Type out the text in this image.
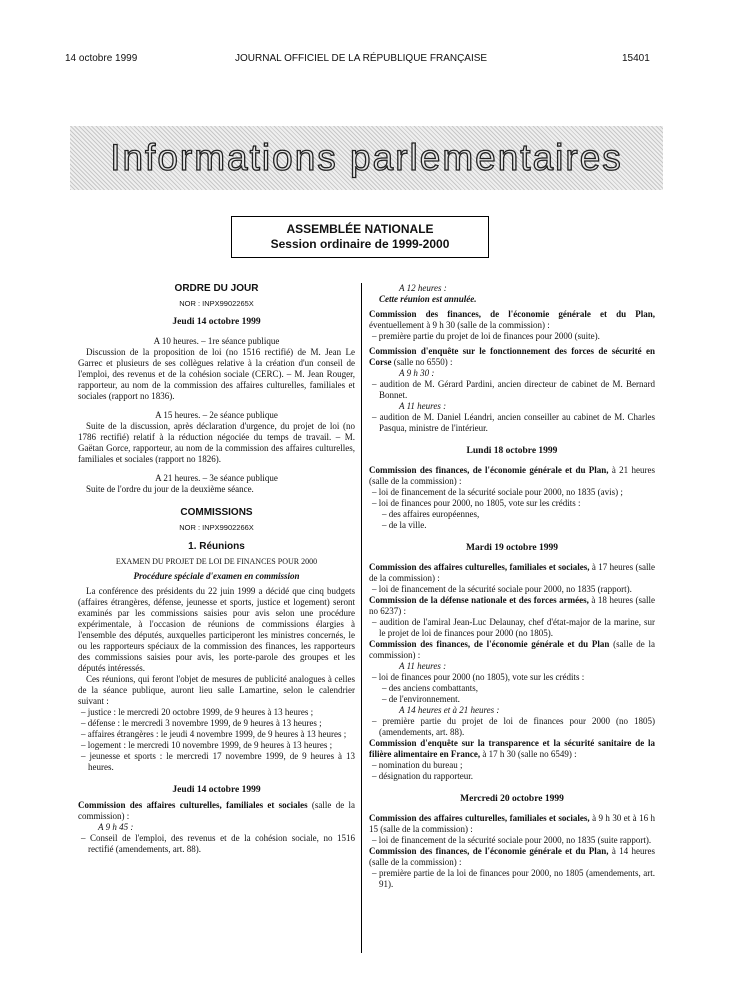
14 octobre 1999	JOURNAL OFFICIEL DE LA RÉPUBLIQUE FRANÇAISE	15401
Informations parlementaires
ASSEMBLÉE NATIONALE
Session ordinaire de 1999-2000
ORDRE DU JOUR
NOR : INPX9902265X
Jeudi 14 octobre 1999
A 10 heures. – 1re séance publique

Discussion de la proposition de loi (no 1516 rectifié) de M. Jean Le Garrec et plusieurs de ses collègues relative à la création d'un conseil de l'emploi, des revenus et de la cohésion sociale (CERC). – M. Jean Rouger, rapporteur, au nom de la commission des affaires culturelles, familiales et sociales (rapport no 1836).

A 15 heures. – 2e séance publique

Suite de la discussion, après déclaration d'urgence, du projet de loi (no 1786 rectifié) relatif à la réduction négociée du temps de travail. – M. Gaëtan Gorce, rapporteur, au nom de la commission des affaires culturelles, familiales et sociales (rapport no 1826).

A 21 heures. – 3e séance publique

Suite de l'ordre du jour de la deuxième séance.

COMMISSIONS
NOR : INPX9902266X
1. Réunions
EXAMEN DU PROJET DE LOI DE FINANCES POUR 2000
Procédure spéciale d'examen en commission

La conférence des présidents du 22 juin 1999 a décidé que cinq budgets (affaires étrangères, défense, jeunesse et sports, justice et logement) seront examinés par les commissions saisies pour avis selon une procédure expérimentale, à l'occasion de réunions de commissions élargies à l'ensemble des députés, auxquelles participeront les ministres concernés, le ou les rapporteurs spéciaux de la commission des finances, les rapporteurs des commissions saisies pour avis, les porte-parole des groupes et les députés intéressés.

Ces réunions, qui feront l'objet de mesures de publicité analogues à celles de la séance publique, auront lieu salle Lamartine, selon le calendrier suivant :

– justice : le mercredi 20 octobre 1999, de 9 heures à 13 heures ;

– défense : le mercredi 3 novembre 1999, de 9 heures à 13 heures ;

– affaires étrangères : le jeudi 4 novembre 1999, de 9 heures à 13 heures ;

– logement : le mercredi 10 novembre 1999, de 9 heures à 13 heures ;

– jeunesse et sports : le mercredi 17 novembre 1999, de 9 heures à 13 heures.

Jeudi 14 octobre 1999

Commission des affaires culturelles, familiales et sociales (salle de la commission) :

A 9 h 45 :

– Conseil de l'emploi, des revenus et de la cohésion sociale, no 1516 rectifié (amendements, art. 88).

A 12 heures :
Cette réunion est annulée.

Commission des finances, de l'économie générale et du Plan, éventuellement à 9 h 30 (salle de la commission) :

– première partie du projet de loi de finances pour 2000 (suite).

Commission d'enquête sur le fonctionnement des forces de sécurité en Corse (salle no 6550) :

A 9 h 30 :

– audition de M. Gérard Pardini, ancien directeur de cabinet de M. Bernard Bonnet.

A 11 heures :

– audition de M. Daniel Léandri, ancien conseiller au cabinet de M. Charles Pasqua, ministre de l'intérieur.

Lundi 18 octobre 1999

Commission des finances, de l'économie générale et du Plan, à 21 heures (salle de la commission) :

– loi de financement de la sécurité sociale pour 2000, no 1835 (avis) ;

– loi de finances pour 2000, no 1805, vote sur les crédits :

– des affaires européennes,

– de la ville.

Mardi 19 octobre 1999

Commission des affaires culturelles, familiales et sociales, à 17 heures (salle de la commission) :

– loi de financement de la sécurité sociale pour 2000, no 1835 (rapport).

Commission de la défense nationale et des forces armées, à 18 heures (salle no 6237) :

– audition de l'amiral Jean-Luc Delaunay, chef d'état-major de la marine, sur le projet de loi de finances pour 2000 (no 1805).

Commission des finances, de l'économie générale et du Plan (salle de la commission) :

A 11 heures :

– loi de finances pour 2000 (no 1805), vote sur les crédits :

– des anciens combattants,

– de l'environnement.

A 14 heures et à 21 heures :

– première partie du projet de loi de finances pour 2000 (no 1805) (amendements, art. 88).

Commission d'enquête sur la transparence et la sécurité sanitaire de la filière alimentaire en France, à 17 h 30 (salle no 6549) :

– nomination du bureau ;

– désignation du rapporteur.

Mercredi 20 octobre 1999

Commission des affaires culturelles, familiales et sociales, à 9 h 30 et à 16 h 15 (salle de la commission) :

– loi de financement de la sécurité sociale pour 2000, no 1835 (suite rapport).

Commission des finances, de l'économie générale et du Plan, à 14 heures (salle de la commission) :

– première partie de la loi de finances pour 2000, no 1805 (amendements, art. 91).
